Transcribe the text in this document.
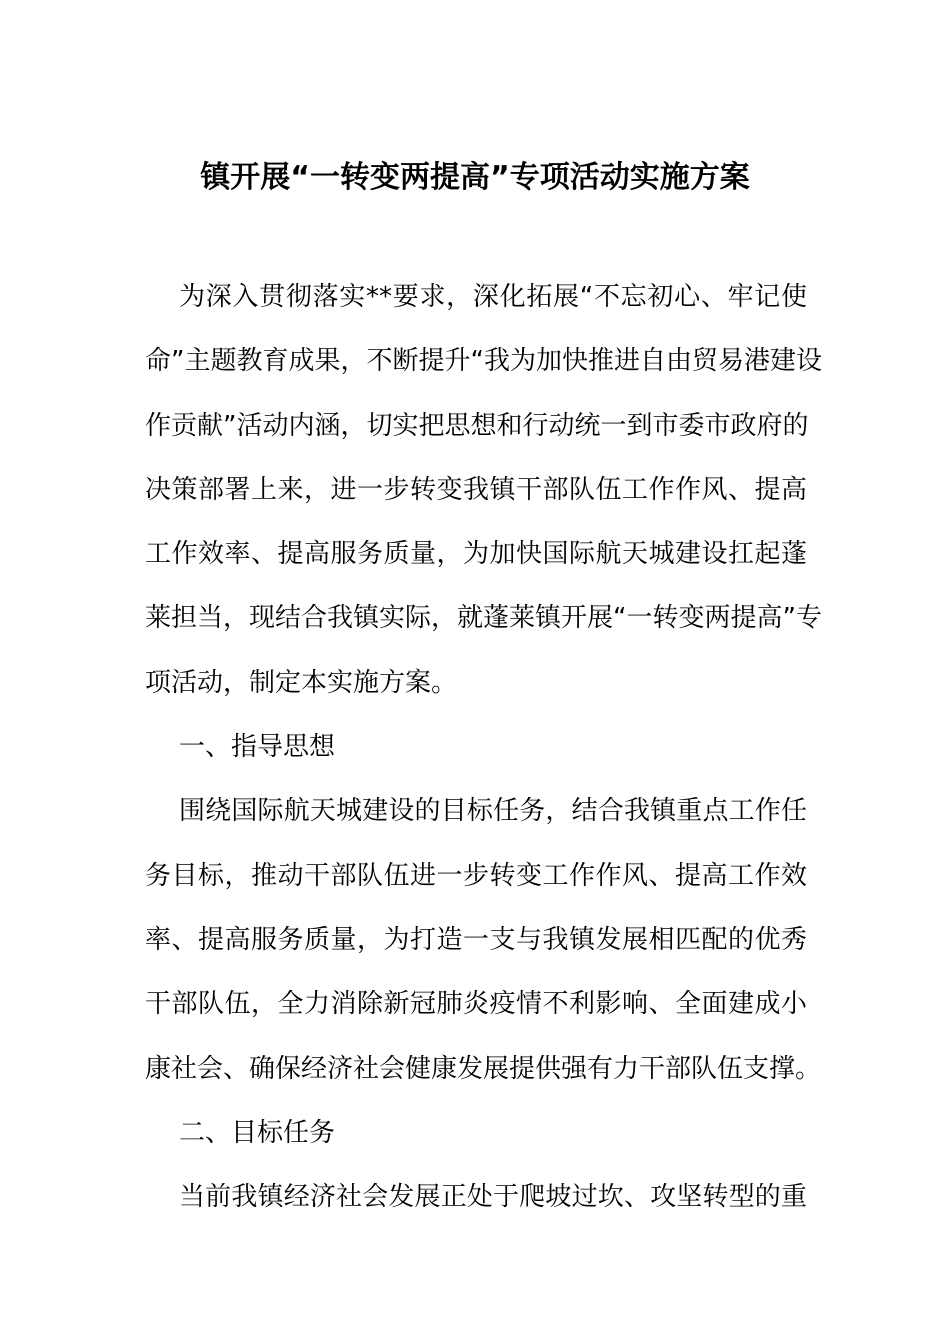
镇开展“一转变两提高”专项活动实施方案
为深入贯彻落实**要求，深化拓展“不忘初心、牢记使
命”主题教育成果，不断提升“我为加快推进自由贸易港建设
作贡献”活动内涵，切实把思想和行动统一到市委市政府的
决策部署上来，进一步转变我镇干部队伍工作作风、提高
工作效率、提高服务质量，为加快国际航天城建设扛起蓬
莱担当，现结合我镇实际，就蓬莱镇开展“一转变两提高”专
项活动，制定本实施方案。
一、指导思想
围绕国际航天城建设的目标任务，结合我镇重点工作任
务目标，推动干部队伍进一步转变工作作风、提高工作效
率、提高服务质量，为打造一支与我镇发展相匹配的优秀
干部队伍，全力消除新冠肺炎疫情不利影响、全面建成小
康社会、确保经济社会健康发展提供强有力干部队伍支撑。
二、目标任务
当前我镇经济社会发展正处于爬坡过坎、攻坚转型的重
